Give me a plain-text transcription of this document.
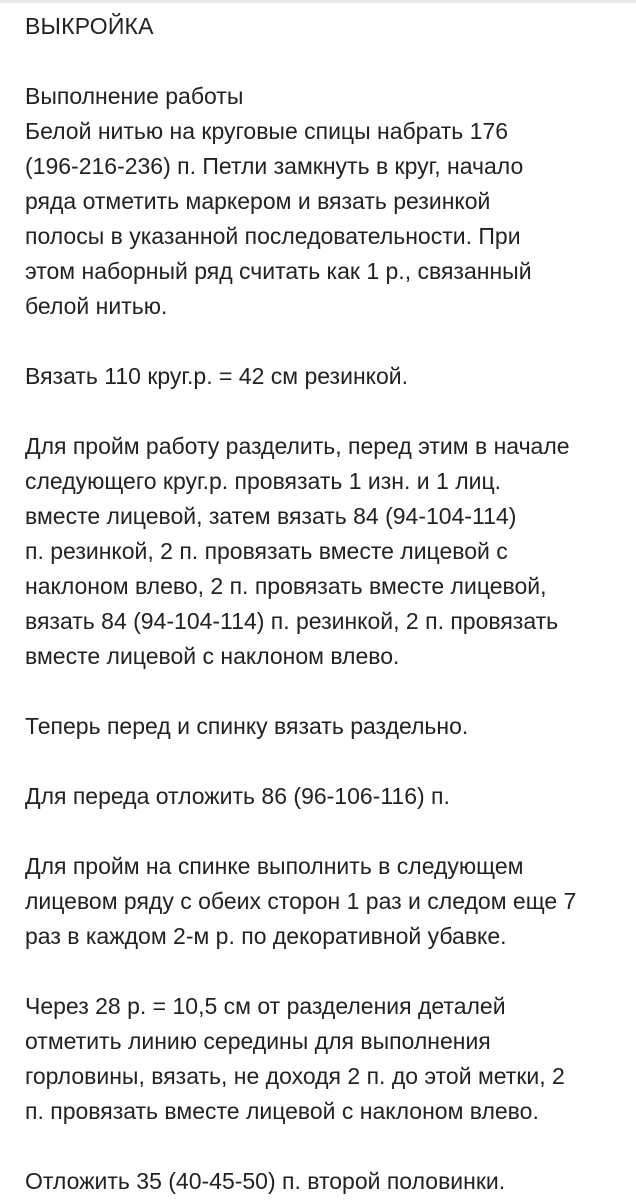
ВЫКРОЙКА
Выполнение работы
Белой нитью на круговые спицы набрать 176
(196-216-236) п. Петли замкнуть в круг, начало
ряда отметить маркером и вязать резинкой
полосы в указанной последовательности. При
этом наборный ряд считать как 1 р., связанный
белой нитью.
Вязать 110 круг.р. = 42 см резинкой.
Для пройм работу разделить, перед этим в начале
следующего круг.р. провязать 1 изн. и 1 лиц.
вместе лицевой, затем вязать 84 (94-104-114)
п. резинкой, 2 п. провязать вместе лицевой с
наклоном влево, 2 п. провязать вместе лицевой,
вязать 84 (94-104-114) п. резинкой, 2 п. провязать
вместе лицевой с наклоном влево.
Теперь перед и спинку вязать раздельно.
Для переда отложить 86 (96-106-116) п.
Для пройм на спинке выполнить в следующем
лицевом ряду с обеих сторон 1 раз и следом еще 7
раз в каждом 2-м р. по декоративной убавке.
Через 28 р. = 10,5 см от разделения деталей
отметить линию середины для выполнения
горловины, вязать, не доходя 2 п. до этой метки, 2
п. провязать вместе лицевой с наклоном влево.
Отложить 35 (40-45-50) п. второй половинки.
